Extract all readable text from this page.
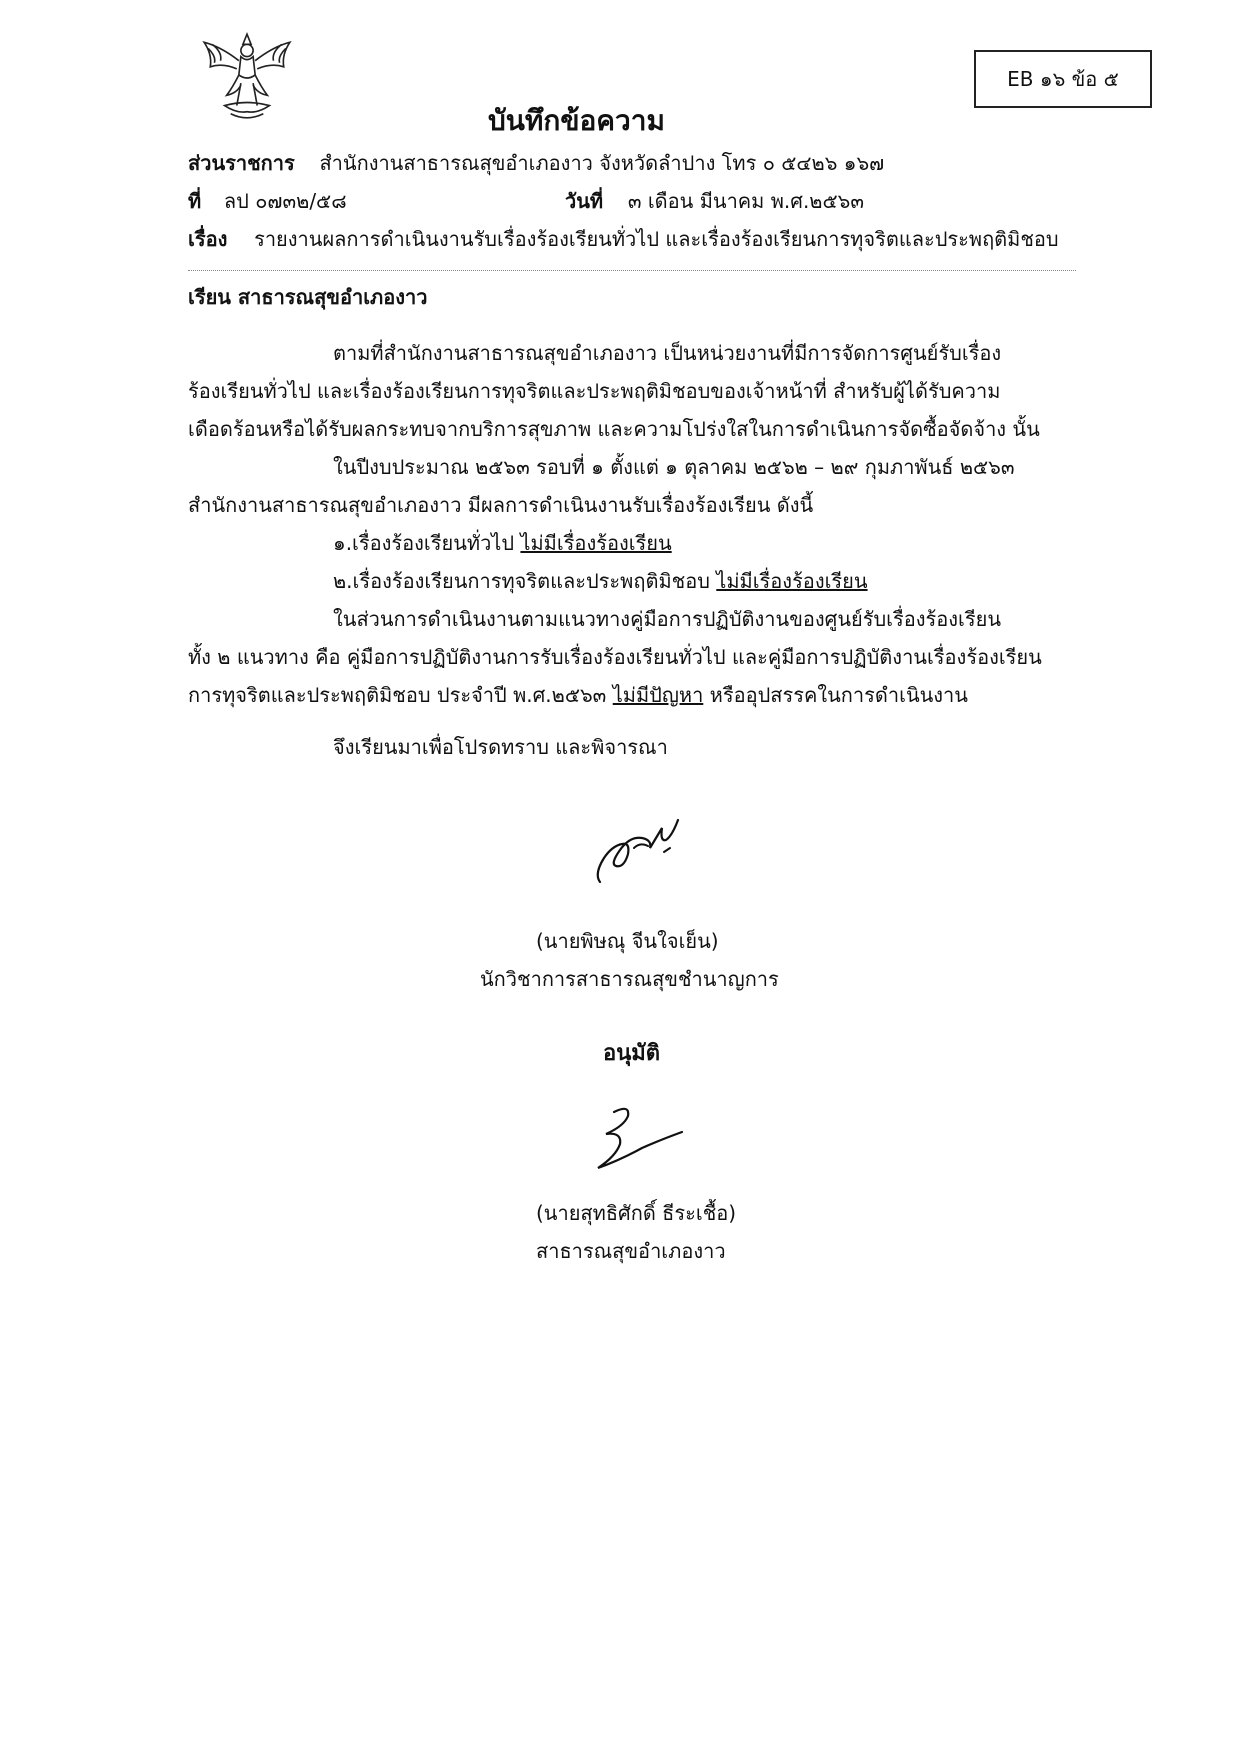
EB ๑๖ ข้อ ๕
บันทึกข้อความ
ส่วนราชการ สำนักงานสาธารณสุขอำเภองาว จังหวัดลำปาง โทร ๐ ๕๔๒๖ ๑๖๗
ที่ ลป ๐๗๓๒/๕๘	วันที่ ๓ เดือน มีนาคม พ.ศ.๒๕๖๓
เรื่อง รายงานผลการดำเนินงานรับเรื่องร้องเรียนทั่วไป และเรื่องร้องเรียนการทุจริตและประพฤติมิชอบ
เรียน สาธารณสุขอำเภองาว
ตามที่สำนักงานสาธารณสุขอำเภองาว เป็นหน่วยงานที่มีการจัดการศูนย์รับเรื่อง
ร้องเรียนทั่วไป และเรื่องร้องเรียนการทุจริตและประพฤติมิชอบของเจ้าหน้าที่ สำหรับผู้ได้รับความ
เดือดร้อนหรือได้รับผลกระทบจากบริการสุขภาพ และความโปร่งใสในการดำเนินการจัดซื้อจัดจ้าง นั้น
ในปีงบประมาณ ๒๕๖๓ รอบที่ ๑ ตั้งแต่ ๑ ตุลาคม ๒๕๖๒ – ๒๙ กุมภาพันธ์ ๒๕๖๓
สำนักงานสาธารณสุขอำเภองาว มีผลการดำเนินงานรับเรื่องร้องเรียน ดังนี้
๑.เรื่องร้องเรียนทั่วไป ไม่มีเรื่องร้องเรียน
๒.เรื่องร้องเรียนการทุจริตและประพฤติมิชอบ ไม่มีเรื่องร้องเรียน
ในส่วนการดำเนินงานตามแนวทางคู่มือการปฏิบัติงานของศูนย์รับเรื่องร้องเรียน
ทั้ง ๒ แนวทาง คือ คู่มือการปฏิบัติงานการรับเรื่องร้องเรียนทั่วไป และคู่มือการปฏิบัติงานเรื่องร้องเรียน
การทุจริตและประพฤติมิชอบ ประจำปี พ.ศ.๒๕๖๓ ไม่มีปัญหา หรืออุปสรรคในการดำเนินงาน
จึงเรียนมาเพื่อโปรดทราบ และพิจารณา
(นายพิษณุ จีนใจเย็น)
นักวิชาการสาธารณสุขชำนาญการ
อนุมัติ
(นายสุทธิศักดิ์ ธีระเชื้อ)
สาธารณสุขอำเภองาว
